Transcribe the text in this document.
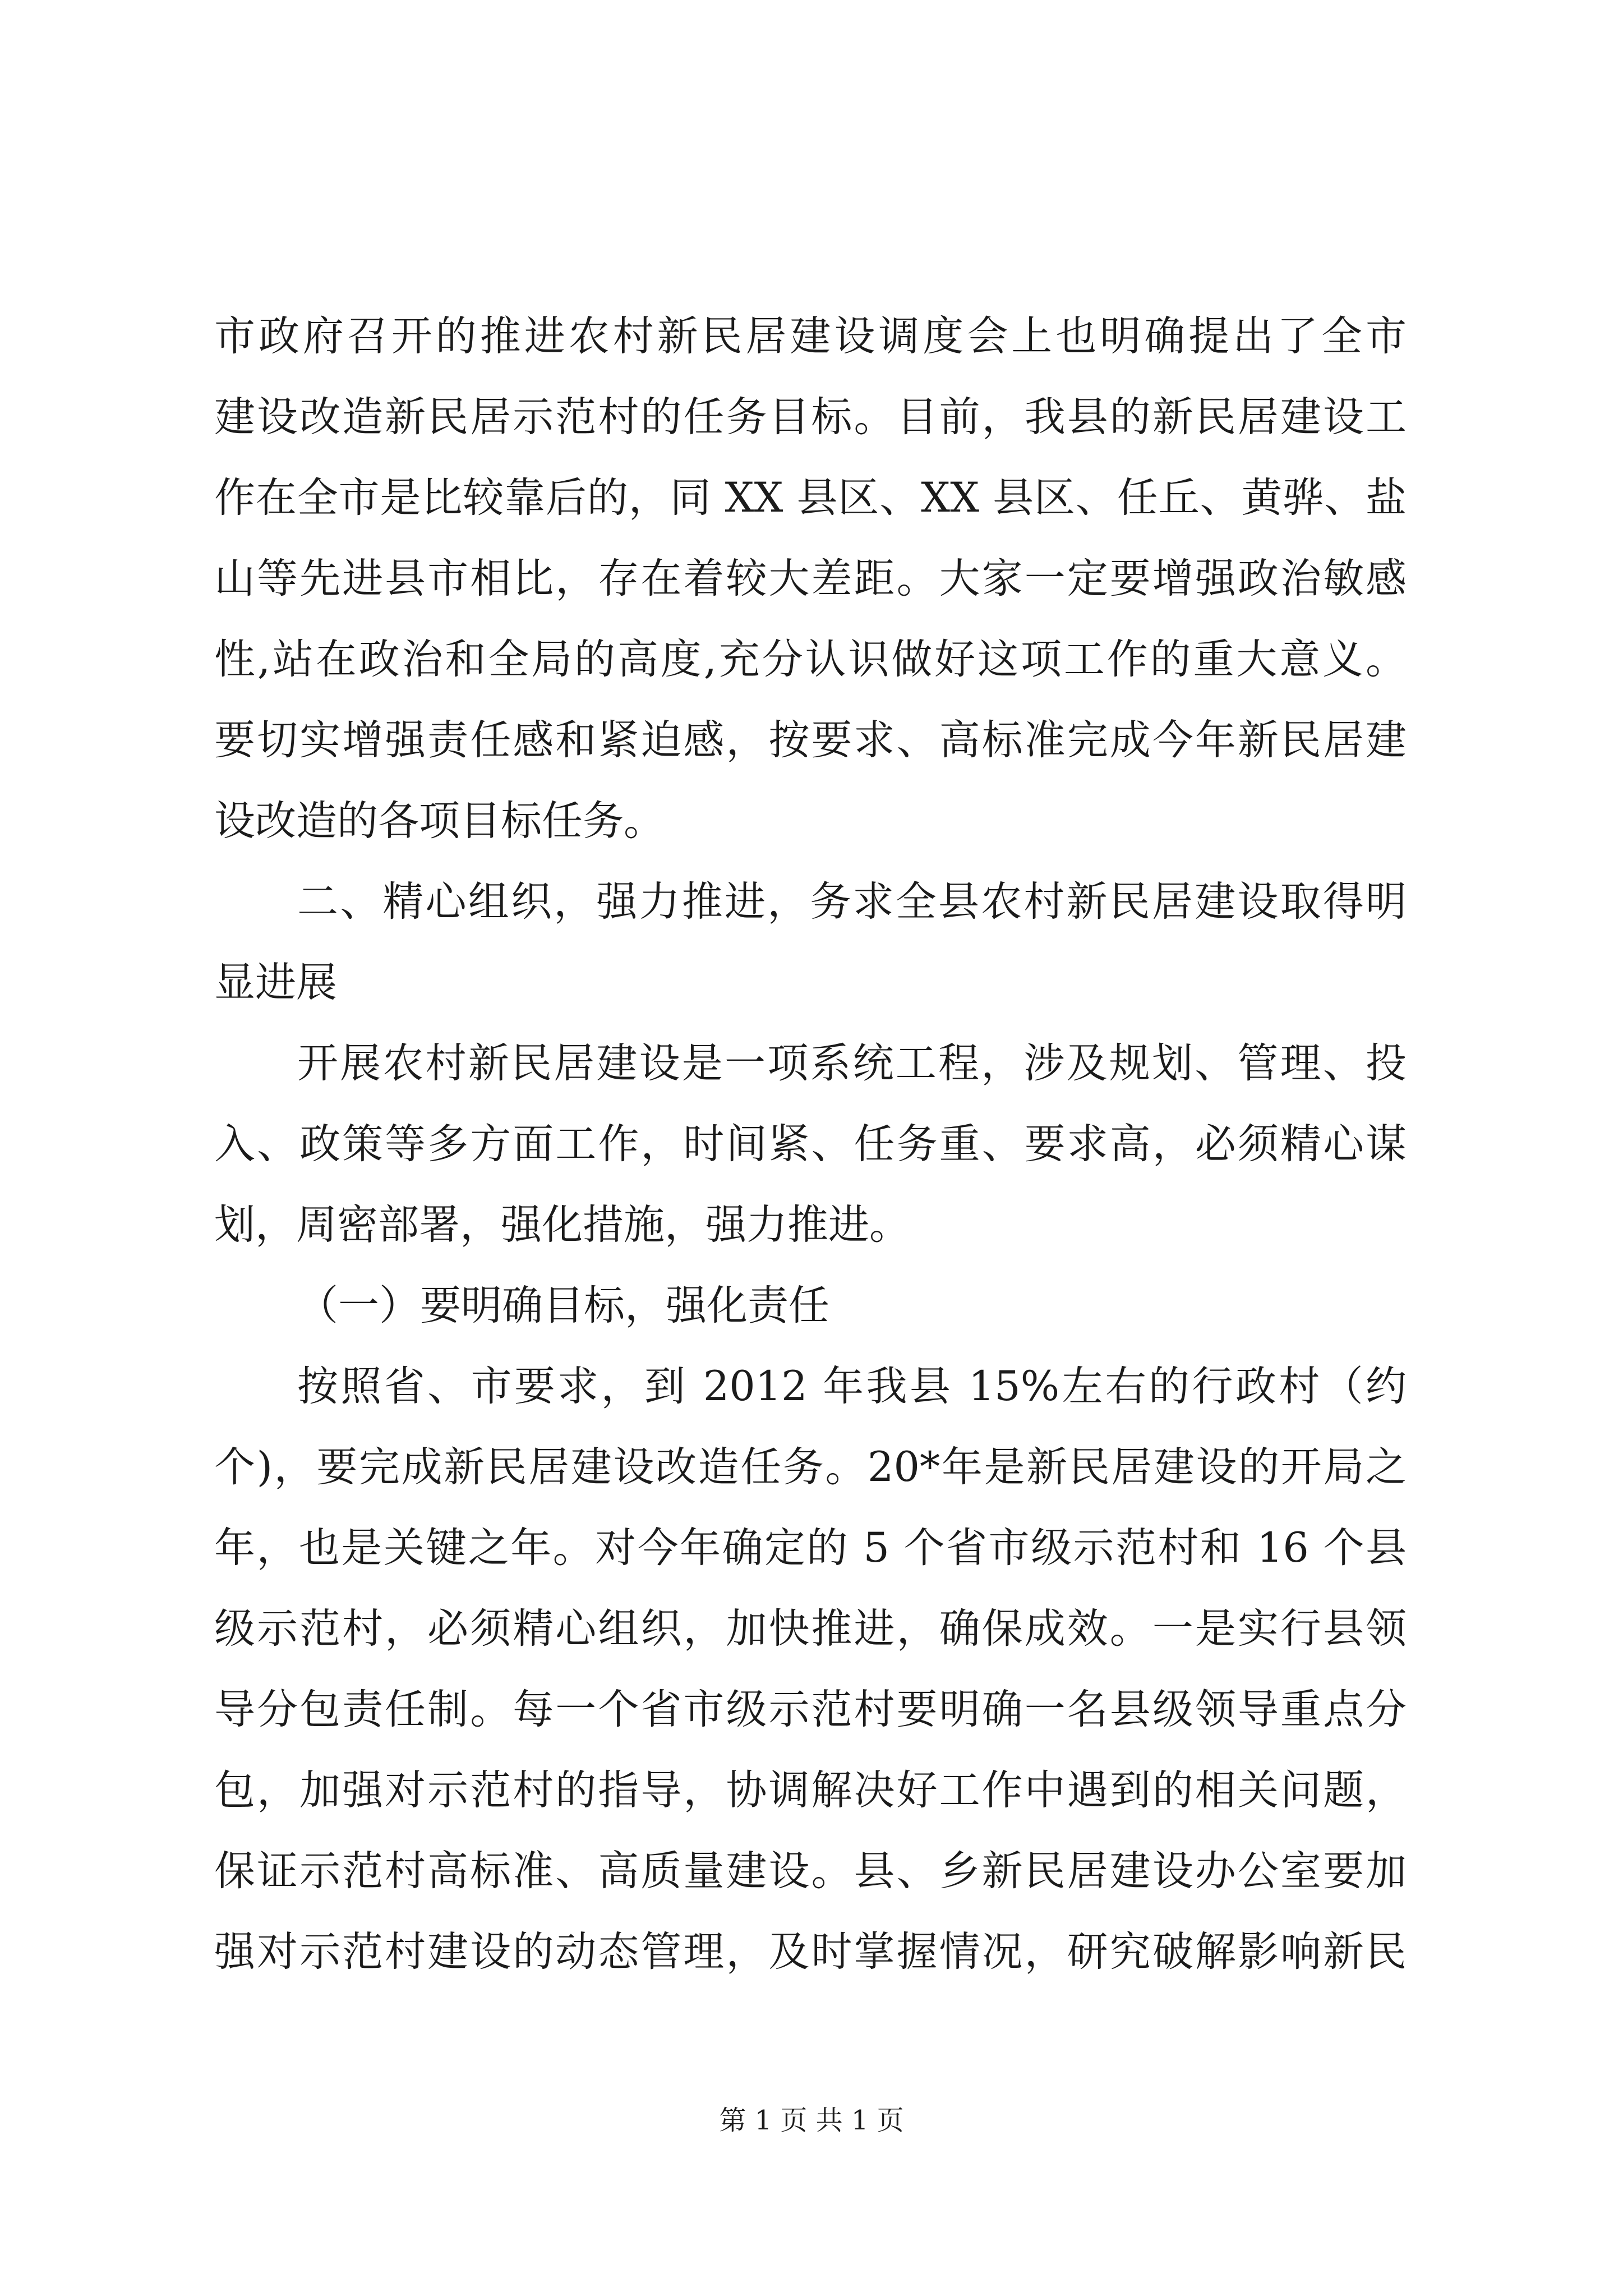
市政府召开的推进农村新民居建设调度会上也明确提出了全市
建设改造新民居示范村的任务目标。目前，我县的新民居建设工
作在全市是比较靠后的，同 XX 县区、XX 县区、任丘、黄骅、盐
山等先进县市相比，存在着较大差距。大家一定要增强政治敏感
性,站在政治和全局的高度,充分认识做好这项工作的重大意义。
要切实增强责任感和紧迫感，按要求、高标准完成今年新民居建
设改造的各项目标任务。
二、精心组织，强力推进，务求全县农村新民居建设取得明
显进展
开展农村新民居建设是一项系统工程，涉及规划、管理、投
入、政策等多方面工作，时间紧、任务重、要求高，必须精心谋
划，周密部署，强化措施，强力推进。
（一）要明确目标，强化责任
按照省、市要求，到 2012 年我县 15%左右的行政村（约
个)，要完成新民居建设改造任务。20*年是新民居建设的开局之
年，也是关键之年。对今年确定的 5 个省市级示范村和 16 个县
级示范村，必须精心组织，加快推进，确保成效。一是实行县领
导分包责任制。每一个省市级示范村要明确一名县级领导重点分
包，加强对示范村的指导，协调解决好工作中遇到的相关问题，
保证示范村高标准、高质量建设。县、乡新民居建设办公室要加
强对示范村建设的动态管理，及时掌握情况，研究破解影响新民
第 1 页 共 1 页
